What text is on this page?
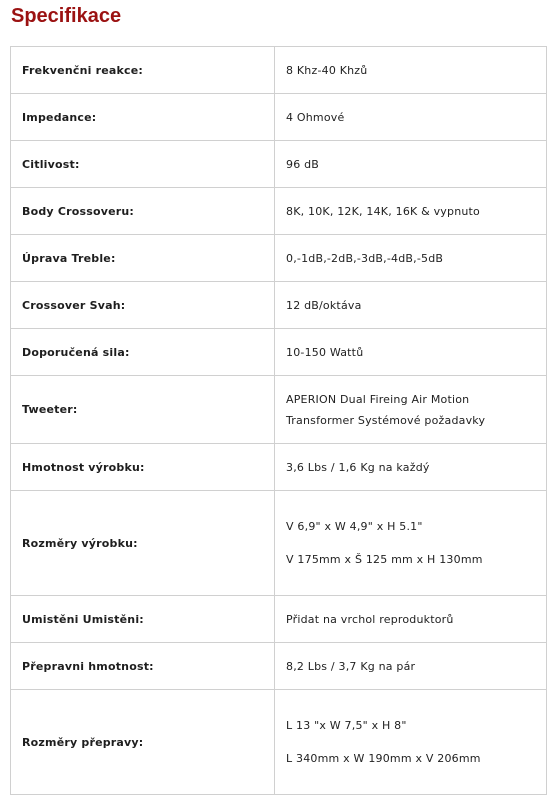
Specifikace
Frekvenčni reakce:	8 Khz-40 Khzů

Impedance:	4 Ohmové

Citlivost:	96 dB

Body Crossoveru:	8K, 10K, 12K, 14K, 16K & vypnuto

Úprava Treble:	0,-1dB,-2dB,-3dB,-4dB,-5dB

Crossover Svah:	12 dB/oktáva

Doporučená sila:	10-150 Wattů

Tweeter:	APERION Dual Fireing Air Motion
Transformer Systémové požadavky

Hmotnost výrobku:	3,6 Lbs / 1,6 Kg na každý

Rozměry výrobku:	V 6,9" x W 4,9" x H 5.1"
V 175mm x Š 125 mm x H 130mm

Umistěni Umistěni:	Přidat na vrchol reproduktorů

Přepravni hmotnost:	8,2 Lbs / 3,7 Kg na pár

Rozměry přepravy:	L 13 "x W 7,5" x H 8"
L 340mm x W 190mm x V 206mm
